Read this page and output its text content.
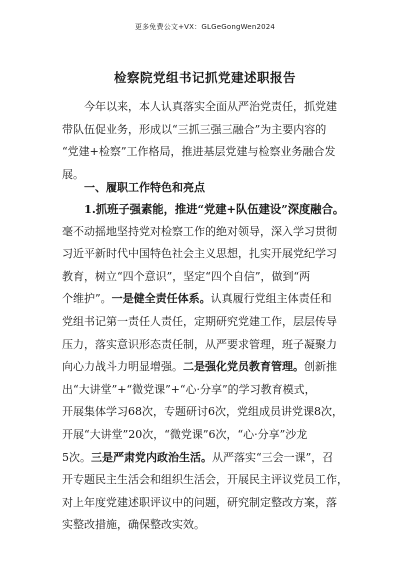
更多免费公文+VX：GLGeGongWen2024
检察院党组书记抓党建述职报告
今年以来，本人认真落实全面从严治党责任，抓党建
带队伍促业务，形成以“三抓三强三融合”为主要内容的
“党建+检察”工作格局，推进基层党建与检察业务融合发
展。
一、履职工作特色和亮点
1.抓班子强素能，推进“党建+队伍建设”深度融合。
毫不动摇地坚持党对检察工作的绝对领导，深入学习贯彻
习近平新时代中国特色社会主义思想，扎实开展党纪学习
教育，树立“四个意识”，坚定“四个自信”，做到“两
个维护”。一是健全责任体系。认真履行党组主体责任和
党组书记第一责任人责任，定期研究党建工作，层层传导
压力，落实意识形态责任制，从严要求管理，班子凝聚力
向心力战斗力明显增强。二是强化党员教育管理。创新推
出“大讲堂”+“微党课”+“心·分享”的学习教育模式，
开展集体学习68次，专题研讨6次，党组成员讲党课8次，
开展“大讲堂”20次，“微党课”6次，“心·分享”沙龙
5次。三是严肃党内政治生活。从严落实“三会一课”，召
开专题民主生活会和组织生活会，开展民主评议党员工作，
对上年度党建述职评议中的问题，研究制定整改方案，落
实整改措施，确保整改实效。
